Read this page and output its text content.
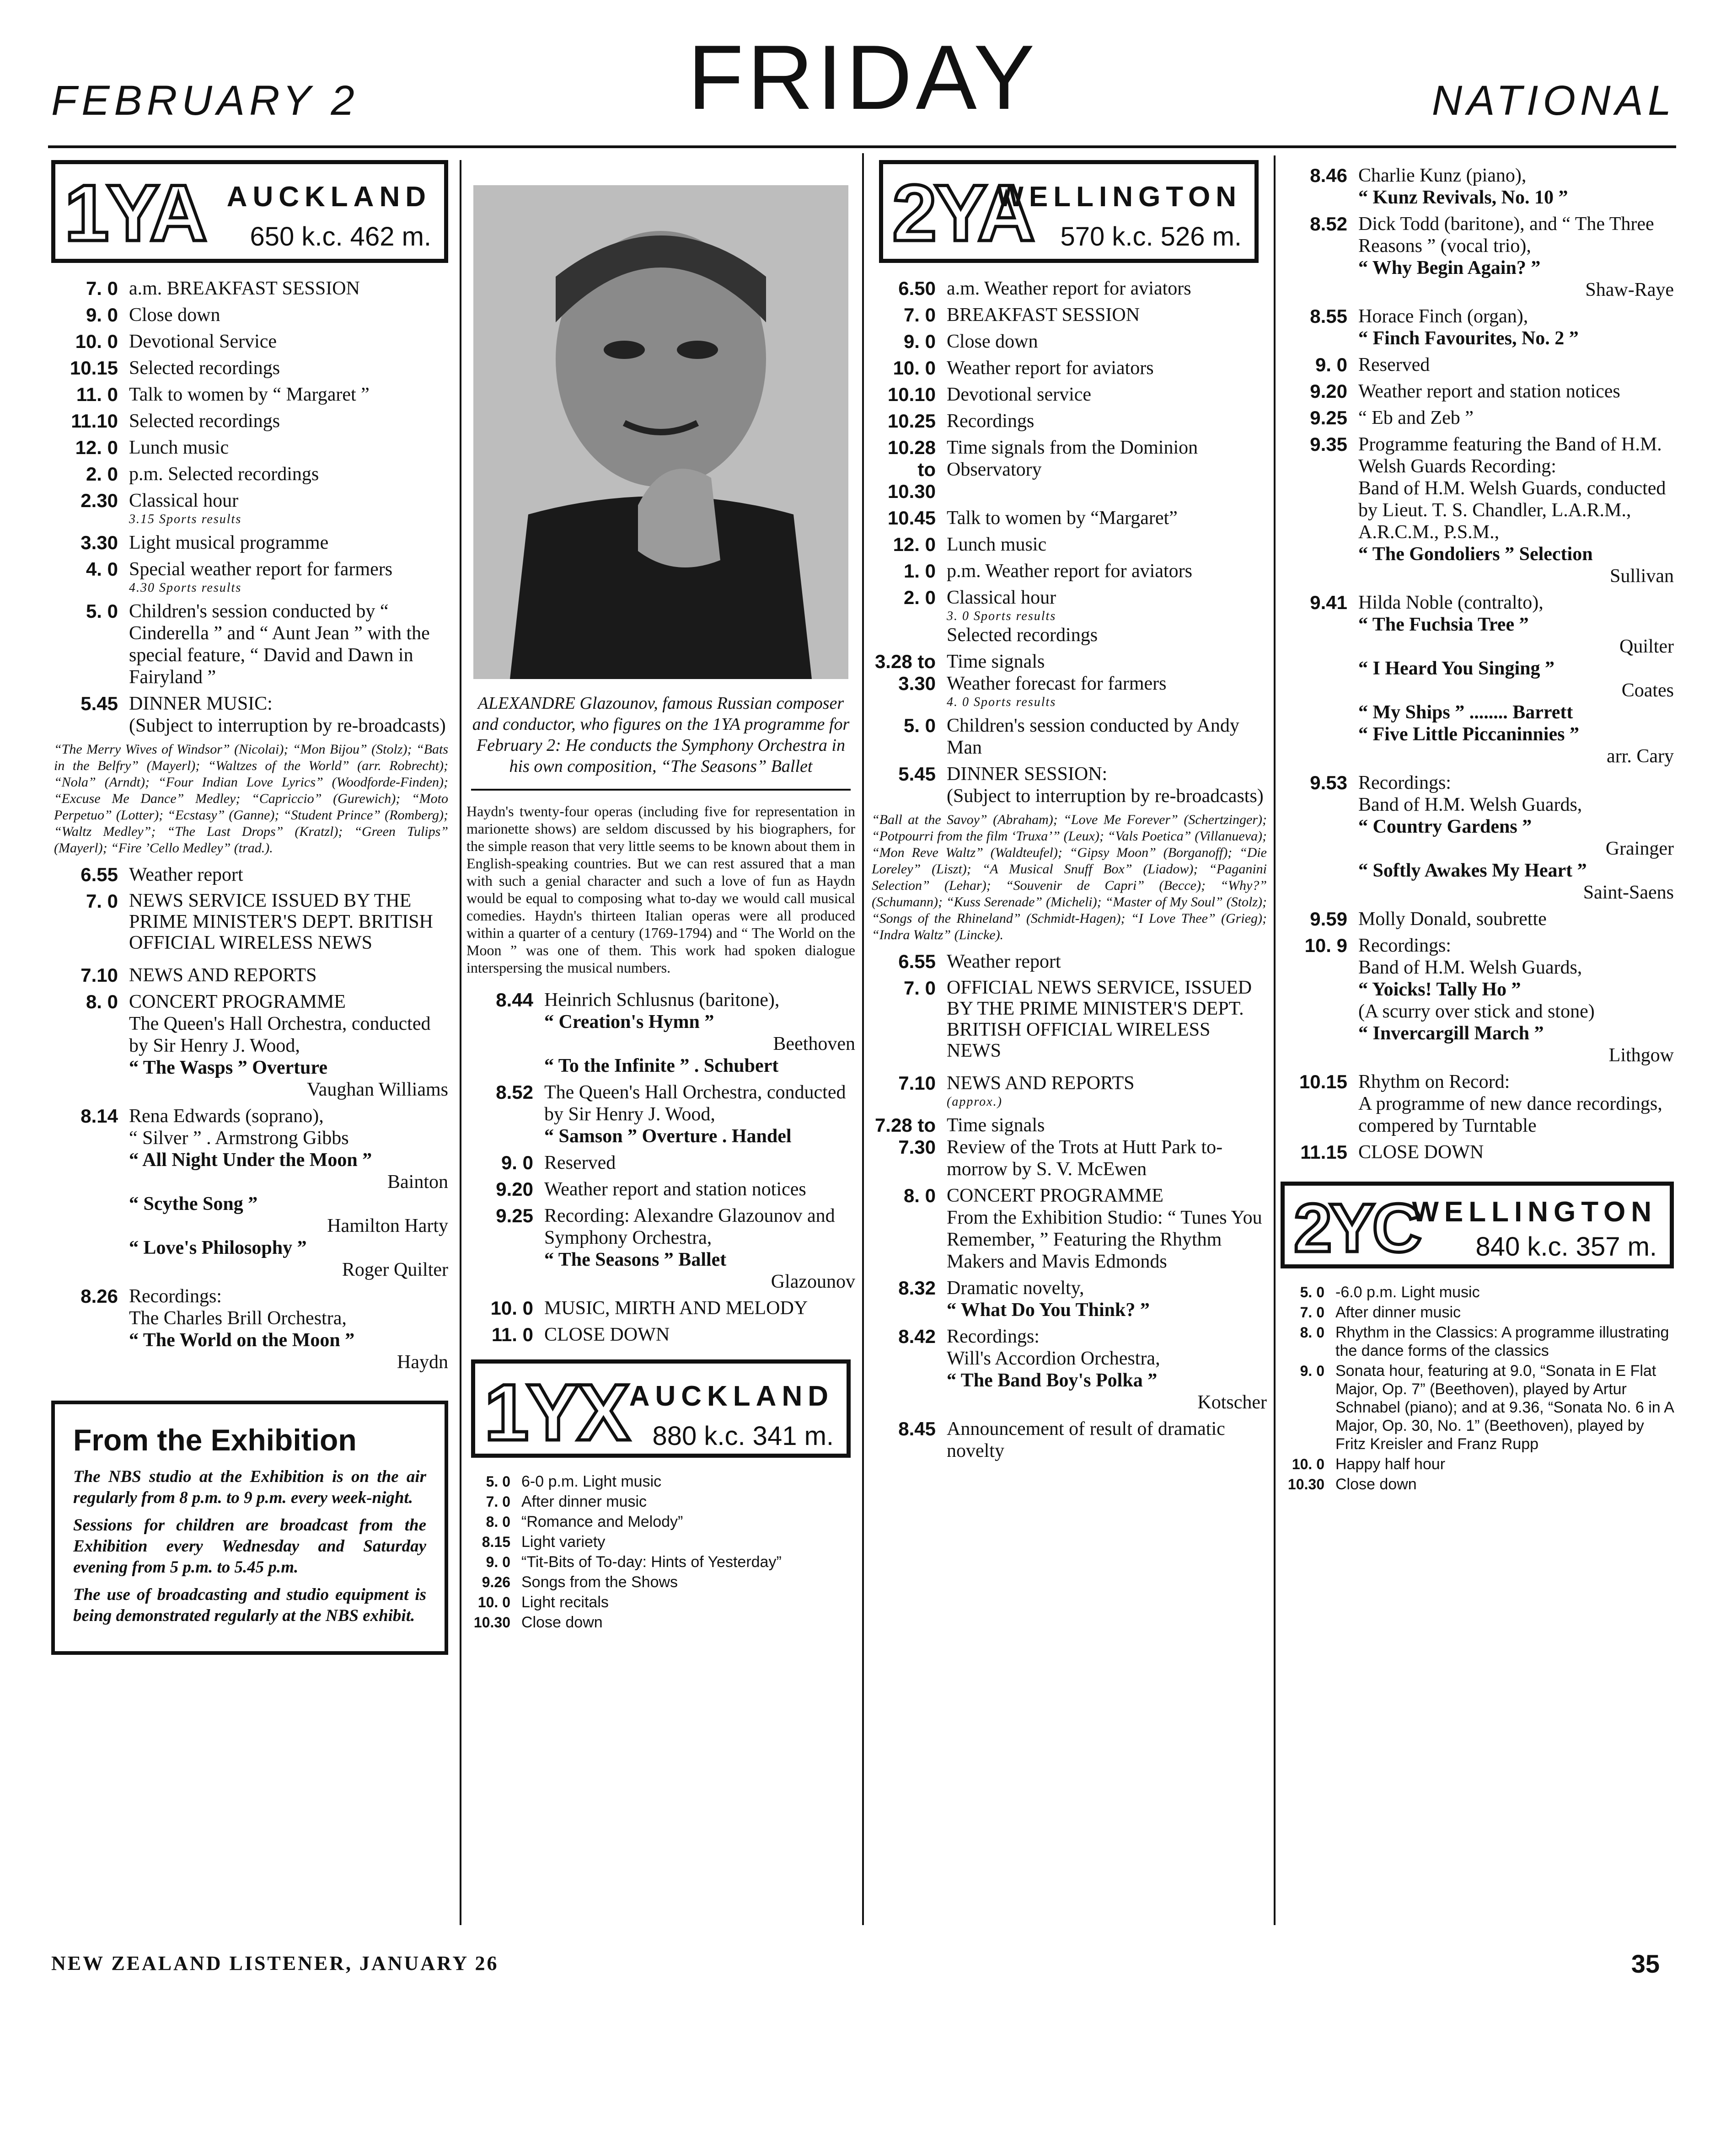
FEBRUARY 2	FRIDAY	NATIONAL
1YA AUCKLAND
650 k.c. 462 m.
7. 0 a.m. BREAKFAST SESSION
9. 0 Close down
10. 0 Devotional Service
10.15 Selected recordings
11. 0 Talk to women by “ Margaret ”
11.10 Selected recordings
12. 0 Lunch music
2. 0 p.m. Selected recordings
2.30 Classical hour
3.15 Sports results
3.30 Light musical programme
4. 0 Special weather report for farmers
4.30 Sports results
5. 0 Children's session conducted by “ Cinderella ” and “ Aunt Jean ” with the special feature, “ David and Dawn in Fairyland ”
5.45 DINNER MUSIC:
(Subject to interruption by re-broadcasts)
“The Merry Wives of Windsor” (Nicolai); “Mon Bijou” (Stolz); “Bats in the Belfry” (Mayerl); “Waltzes of the World” (arr. Robrecht); “Nola” (Arndt); “Four Indian Love Lyrics” (Woodforde-Finden); “Excuse Me Dance” Medley; “Capriccio” (Gurewich); “Moto Perpetuo” (Lotter); “Ecstasy” (Ganne); “Student Prince” (Romberg); “Waltz Medley”; “The Last Drops” (Kratzl); “Green Tulips” (Mayerl); “Fire ’Cello Medley” (trad.).
6.55 Weather report
7. 0 NEWS SERVICE ISSUED BY THE PRIME MINISTER'S DEPT. BRITISH OFFICIAL WIRELESS NEWS
7.10 NEWS AND REPORTS
8. 0 CONCERT PROGRAMME
The Queen's Hall Orchestra, conducted by Sir Henry J. Wood,
“ The Wasps ” Overture
Vaughan Williams
8.14 Rena Edwards (soprano),
“ Silver ” . Armstrong Gibbs
“ All Night Under the Moon ”
Bainton
“ Scythe Song ”
Hamilton Harty
“ Love's Philosophy ”
Roger Quilter
8.26 Recordings:
The Charles Brill Orchestra,
“ The World on the Moon ”
Haydn
From the Exhibition

The NBS studio at the Exhibition is on the air regularly from 8 p.m. to 9 p.m. every week-night.

Sessions for children are broadcast from the Exhibition every Wednesday and Saturday evening from 5 p.m. to 5.45 p.m.

The use of broadcasting and studio equipment is being demonstrated regularly at the NBS exhibit.

ALEXANDRE Glazounov, famous Russian composer and conductor, who figures on the 1YA programme for February 2: He conducts the Symphony Orchestra in his own composition, “The Seasons” Ballet
Haydn's twenty-four operas (including five for representation in marionette shows) are seldom discussed by his biographers, for the simple reason that very little seems to be known about them in English-speaking countries. But we can rest assured that a man with such a genial character and such a love of fun as Haydn would be equal to composing what to-day we would call musical comedies. Haydn's thirteen Italian operas were all produced within a quarter of a century (1769-1794) and “ The World on the Moon ” was one of them. This work had spoken dialogue interspersing the musical numbers.
8.44 Heinrich Schlusnus (baritone),
“ Creation's Hymn ”
Beethoven
“ To the Infinite ” . Schubert
8.52 The Queen's Hall Orchestra, conducted by Sir Henry J. Wood,
“ Samson ” Overture . Handel
9. 0 Reserved
9.20 Weather report and station notices
9.25 Recording: Alexandre Glazounov and Symphony Orchestra,
“ The Seasons ” Ballet
Glazounov
10. 0 MUSIC, MIRTH AND MELODY
11. 0 CLOSE DOWN
1YX AUCKLAND
880 k.c. 341 m.
5. 0 6-0 p.m. Light music
7. 0 After dinner music
8. 0 “Romance and Melody”
8.15 Light variety
9. 0 “Tit-Bits of To-day: Hints of Yesterday”
9.26 Songs from the Shows
10. 0 Light recitals
10.30 Close down
2YA
WELLINGTON
570 k.c. 526 m.
6.50 a.m. Weather report for aviators
7. 0 BREAKFAST SESSION
9. 0 Close down
10. 0 Weather report for aviators
10.10 Devotional service
10.25 Recordings
10.28 to 10.30
Time signals from the Dominion Observatory
10.45 Talk to women by “Margaret”
12. 0 Lunch music
1. 0 p.m. Weather report for aviators
2. 0 Classical hour
3. 0 Sports results
Selected recordings
3.28 to 3.30
Time signals
Weather forecast for farmers
4. 0 Sports results
5. 0 Children's session conducted by Andy Man
5.45 DINNER SESSION:
(Subject to interruption by re-broadcasts)
“Ball at the Savoy” (Abraham); “Love Me Forever” (Schertzinger); “Potpourri from the film ‘Truxa’” (Leux); “Vals Poetica” (Villanueva); “Mon Reve Waltz” (Waldteufel); “Gipsy Moon” (Borganoff); “Die Loreley” (Liszt); “A Musical Snuff Box” (Liadow); “Paganini Selection” (Lehar); “Souvenir de Capri” (Becce); “Why?” (Schumann); “Kuss Serenade” (Micheli); “Master of My Soul” (Stolz); “Songs of the Rhineland” (Schmidt-Hagen); “I Love Thee” (Grieg); “Indra Waltz” (Lincke).
6.55 Weather report
7. 0 OFFICIAL NEWS SERVICE, ISSUED BY THE PRIME MINISTER'S DEPT. BRITISH OFFICIAL WIRELESS NEWS
7.10 NEWS AND REPORTS
(approx.)
7.28 to 7.30
Time signals
Review of the Trots at Hutt Park to-morrow by S. V. McEwen
8. 0 CONCERT PROGRAMME
From the Exhibition Studio: “ Tunes You Remember, ” Featuring the Rhythm Makers and Mavis Edmonds
8.32 Dramatic novelty,
“ What Do You Think? ”
8.42 Recordings:
Will's Accordion Orchestra,
“ The Band Boy's Polka ”
Kotscher
8.45 Announcement of result of dramatic novelty
8.46 Charlie Kunz (piano),
“ Kunz Revivals, No. 10 ”
8.52 Dick Todd (baritone), and “ The Three Reasons ” (vocal trio),
“ Why Begin Again? ”
Shaw-Raye
8.55 Horace Finch (organ),
“ Finch Favourites, No. 2 ”
9. 0 Reserved
9.20 Weather report and station notices
9.25 “ Eb and Zeb ”
9.35 Programme featuring the Band of H.M. Welsh Guards Recording:
Band of H.M. Welsh Guards, conducted by Lieut. T. S. Chandler, L.A.R.M., A.R.C.M., P.S.M.,
“ The Gondoliers ” Selection
Sullivan
9.41 Hilda Noble (contralto),
“ The Fuchsia Tree ”
Quilter
“ I Heard You Singing ”
Coates
“ My Ships ” ........ Barrett
“ Five Little Piccaninnies ”
arr. Cary
9.53 Recordings:
Band of H.M. Welsh Guards,
“ Country Gardens ”
Grainger
“ Softly Awakes My Heart ”
Saint-Saens
9.59 Molly Donald, soubrette
10. 9 Recordings:
Band of H.M. Welsh Guards,
“ Yoicks! Tally Ho ”
(A scurry over stick and stone)
“ Invercargill March ”
Lithgow
10.15 Rhythm on Record:
A programme of new dance recordings, compered by Turntable
11.15 CLOSE DOWN
2YC
WELLINGTON
840 k.c. 357 m.
5. 0 -6.0 p.m. Light music
7. 0 After dinner music
8. 0 Rhythm in the Classics: A programme illustrating the dance forms of the classics
9. 0 Sonata hour, featuring at 9.0, “Sonata in E Flat Major, Op. 7” (Beethoven), played by Artur Schnabel (piano); and at 9.36, “Sonata No. 6 in A Major, Op. 30, No. 1” (Beethoven), played by Fritz Kreisler and Franz Rupp
10. 0 Happy half hour
10.30 Close down
NEW ZEALAND LISTENER, JANUARY 26	35
